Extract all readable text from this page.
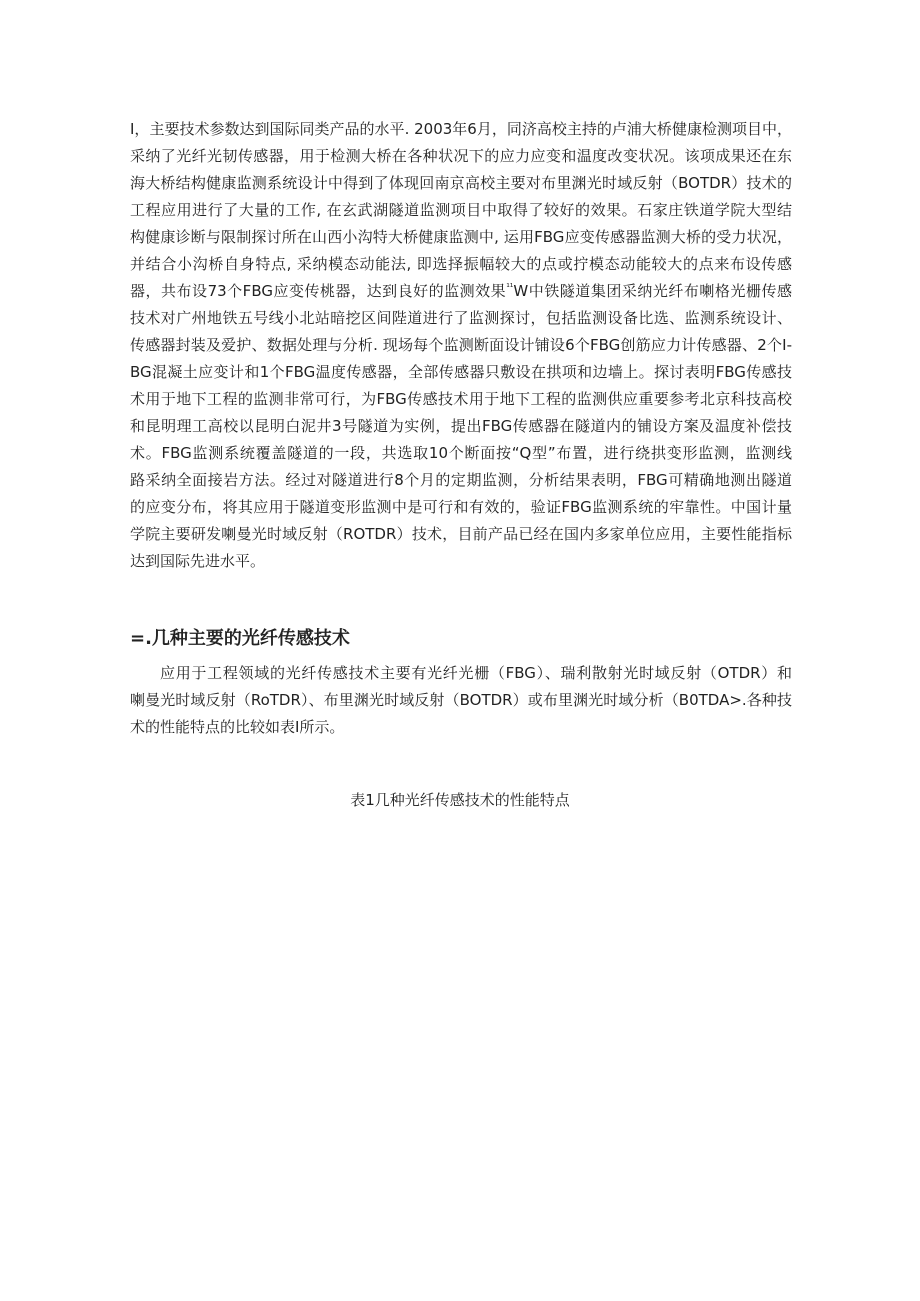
I，主要技术参数达到国际同类产品的水平. 2003年6月，同济高校主持的卢浦大桥健康检测项目中，
采纳了光纤光韧传感器，用于检测大桥在各种状况下的应力应变和温度改变状况。该项成果还在东
海大桥结构健康监测系统设计中得到了体现回南京高校主要对布里渊光时域反射（BOTDR）技术的
工程应用进行了大量的工作, 在玄武湖隧道监测项目中取得了较好的效果。石家庄铁道学院大型结
构健康诊断与限制探讨所在山西小沟特大桥健康监测中, 运用FBG应变传感器监测大桥的受力状况，
并结合小沟桥自身特点, 采纳模态动能法, 即选择振幅较大的点或拧模态动能较大的点来布设传感
器，共布设73个FBG应变传桃器，达到良好的监测效果$^{^{11}}$W中铁隧道集团采纳光纤布喇格光栅传感
技术对广州地铁五号线小北站暗挖区间陛道进行了监测探讨，包括监测设备比选、监测系统设计、
传感器封装及爱护、数据处理与分析. 现场每个监测断面设计铺设6个FBG创筋应力计传感器、2个I-
BG混凝土应变计和1个FBG温度传感器，全部传感器只敷设在拱项和边墙上。探讨表明FBG传感技
术用于地下工程的监测非常可行，为FBG传感技术用于地下工程的监测供应重要参考北京科技高校
和昆明理工高校以昆明白泥井3号隧道为实例，提出FBG传感器在隧道内的铺设方案及温度补偿技
术。FBG监测系统覆盖隧道的一段，共选取10个断面按“Q型”布置，进行绕拱变形监测，监测线
路采纳全面接岩方法。经过对隧道进行8个月的定期监测，分析结果表明，FBG可精确地测出隧道
的应变分布，将其应用于隧道变形监测中是可行和有效的，验证FBG监测系统的牢靠性。中国计量
学院主要研发喇曼光时域反射（ROTDR）技术，目前产品已经在国内多家单位应用，主要性能指标
达到国际先进水平。
=.几种主要的光纤传感技术
应用于工程领域的光纤传感技术主要有光纤光栅（FBG）、瑞利散射光时域反射（OTDR）和
喇曼光时域反射（RoTDR）、布里渊光时域反射（BOTDR）或布里渊光时域分析（B0TDA>.各种技
术的性能特点的比较如表I所示。
表1几种光纤传感技术的性能特点
